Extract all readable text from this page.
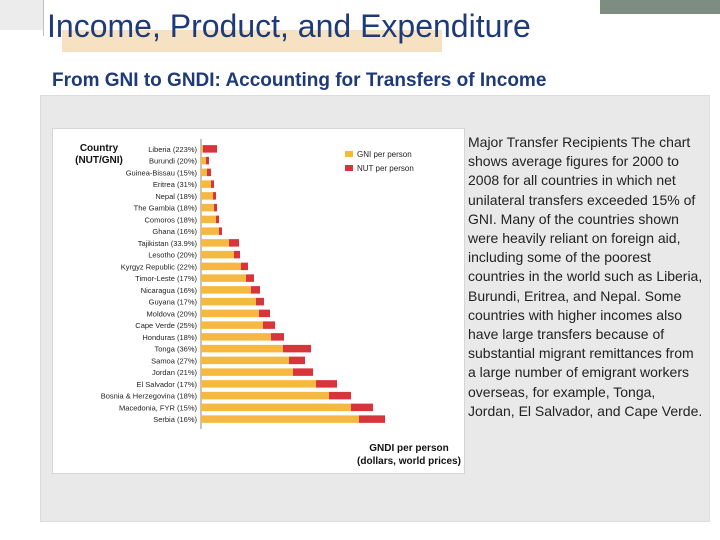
Income, Product, and Expenditure
From GNI to GNDI: Accounting for Transfers of Income
Country
(NUT/GNI)
Liberia (223%)
Burundi (20%)
Guinea-Bissau (15%)
Eritrea (31%)
Nepal (18%)
The Gambia (18%)
Comoros (18%)
Ghana (16%)
Tajikistan (33.9%)
Lesotho (20%)
Kyrgyz Republic (22%)
Timor-Leste (17%)
Nicaragua (16%)
Guyana (17%)
Moldova (20%)
Cape Verde (25%)
Honduras (18%)
Tonga (36%)
Samoa (27%)
Jordan (21%)
El Salvador (17%)
Bosnia & Herzegovina (18%)
Macedonia, FYR (15%)
Serbia (16%)
GNI per person
NUT per person
GNDI per person
(dollars, world prices)

Major Transfer Recipients The chart shows average figures for 2000 to 2008 for all countries in which net unilateral transfers exceeded 15% of GNI. Many of the countries shown were heavily reliant on foreign aid, including some of the poorest countries in the world such as Liberia, Burundi, Eritrea, and Nepal. Some countries with higher incomes also have large transfers because of substantial migrant remittances from a large number of emigrant workers overseas, for example, Tonga, Jordan, El Salvador, and Cape Verde.
